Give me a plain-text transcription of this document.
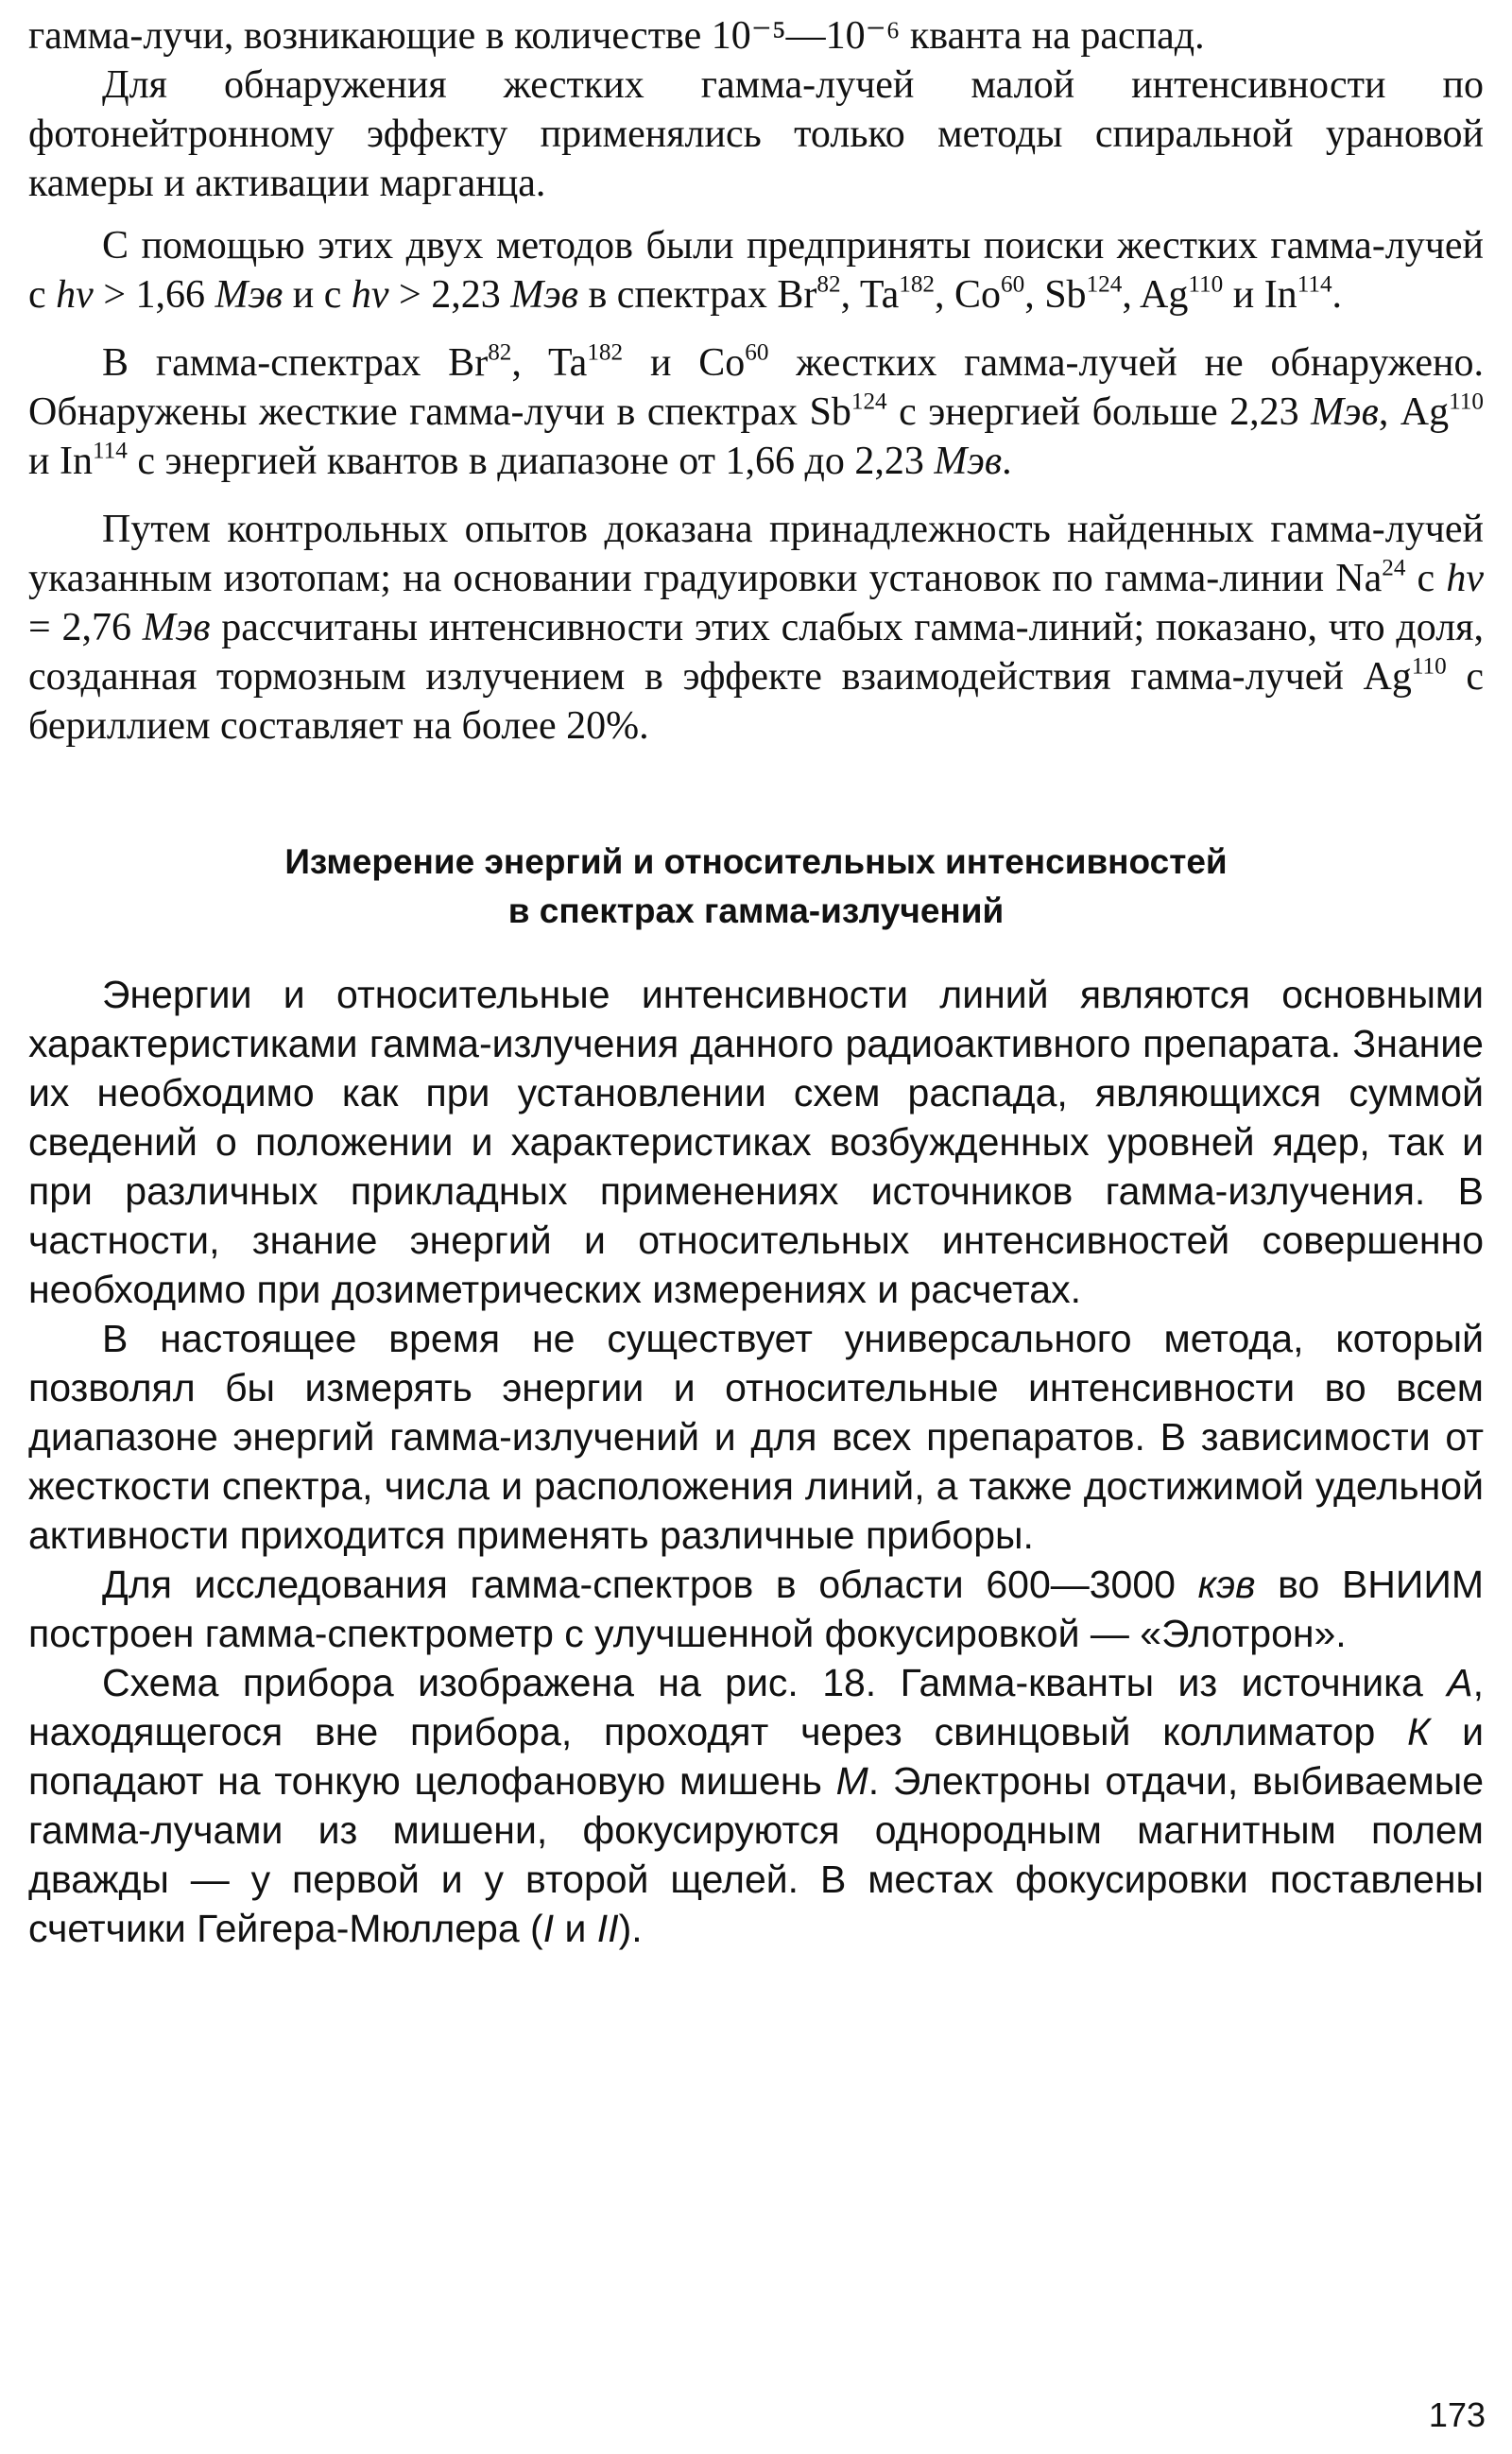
гамма-лучи, возникающие в количестве 10⁻⁵—10⁻⁶ кванта на распад.

Для обнаружения жестких гамма-лучей малой интенсивности по фотонейтронному эффекту применялись только методы спиральной урановой камеры и активации марганца.

С помощью этих двух методов были предприняты поиски жестких гамма-лучей с hν > 1,66 Мэв и с hν > 2,23 Мэв в спектрах Br$^{82}$, Ta$^{182}$, Co$^{60}$, Sb$^{124}$, Ag$^{110}$ и In$^{114}$.

В гамма-спектрах Br$^{82}$, Ta$^{182}$ и Co$^{60}$ жестких гамма-лучей не обнаружено. Обнаружены жесткие гамма-лучи в спектрах Sb$^{124}$ с энергией больше 2,23 Мэв, Ag$^{110}$ и In$^{114}$ с энергией квантов в диапазоне от 1,66 до 2,23 Мэв.

Путем контрольных опытов доказана принадлежность найденных гамма-лучей указанным изотопам; на основании градуировки установок по гамма-линии Na$^{24}$ с hν = 2,76 Мэв рассчитаны интенсивности этих слабых гамма-линий; показано, что доля, созданная тормозным излучением в эффекте взаимодействия гамма-лучей Ag$^{110}$ с бериллием составляет на более 20%.

Измерение энергий и относительных интенсивностей
в спектрах гамма-излучений

Энергии и относительные интенсивности линий являются основными характеристиками гамма-излучения данного радиоактивного препарата. Знание их необходимо как при установлении схем распада, являющихся суммой сведений о положении и характеристиках возбужденных уровней ядер, так и при различных прикладных применениях источников гамма-излучения. В частности, знание энергий и относительных интенсивностей совершенно необходимо при дозиметрических измерениях и расчетах.

В настоящее время не существует универсального метода, который позволял бы измерять энергии и относительные интенсивности во всем диапазоне энергий гамма-излучений и для всех препаратов. В зависимости от жесткости спектра, числа и расположения линий, а также достижимой удельной активности приходится применять различные приборы.

Для исследования гамма-спектров в области 600—3000 кэв во ВНИИМ построен гамма-спектрометр с улучшенной фокусировкой — «Элотрон».

Схема прибора изображена на рис. 18. Гамма-кванты из источника А, находящегося вне прибора, проходят через свинцовый коллиматор К и попадают на тонкую целофановую мишень М. Электроны отдачи, выбиваемые гамма-лучами из мишени, фокусируются однородным магнитным полем дважды — у первой и у второй щелей. В местах фокусировки поставлены счетчики Гейгера-Мюллера (I и II).

173
